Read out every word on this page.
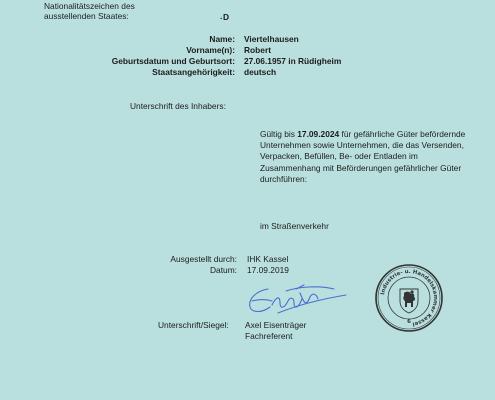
Nationalitätszeichen des
ausstellenden Staates:	D
·
Name: Viertelhausen
Vorname(n): Robert
Geburtsdatum und Geburtsort: 27.06.1957 in Rüdigheim
Staatsangehörigkeit: deutsch
Unterschrift des Inhabers:
Gültig bis 17.09.2024 für gefährliche Güter befördernde Unternehmen sowie Unternehmen, die das Versenden, Verpacken, Befüllen, Be- oder Entladen im Zusammenhang mit Beförderungen gefährlicher Güter durchführen:
im Straßenverkehr
Ausgestellt durch: IHK Kassel
Datum: 17.09.2019
Unterschrift/Siegel: Axel Eisenträger
Fachreferent
Industrie- u. Handelskammer Kassel
6
